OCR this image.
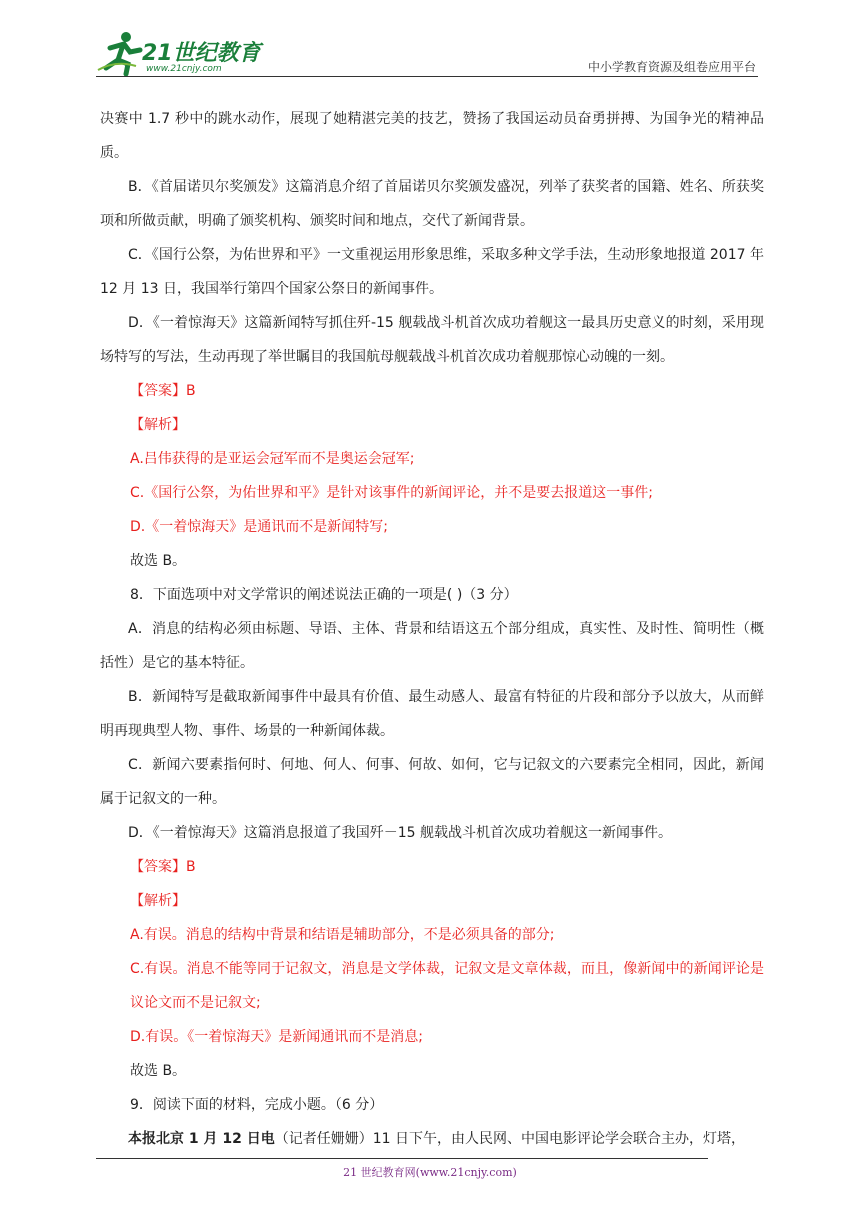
21世纪教育
www.21cnjy.com	中小学教育资源及组卷应用平台

决赛中 1.7 秒中的跳水动作，展现了她精湛完美的技艺，赞扬了我国运动员奋勇拼搏、为国争光的精神品质。

B．《首届诺贝尔奖颁发》这篇消息介绍了首届诺贝尔奖颁发盛况，列举了获奖者的国籍、姓名、所获奖项和所做贡献，明确了颁奖机构、颁奖时间和地点，交代了新闻背景。

C．《国行公祭，为佑世界和平》一文重视运用形象思维，采取多种文学手法，生动形象地报道 2017 年 12 月 13 日，我国举行第四个国家公祭日的新闻事件。

D．《一着惊海天》这篇新闻特写抓住歼-15 舰载战斗机首次成功着舰这一最具历史意义的时刻，采用现场特写的写法，生动再现了举世瞩目的我国航母舰载战斗机首次成功着舰那惊心动魄的一刻。

【答案】B

【解析】

A.吕伟获得的是亚运会冠军而不是奥运会冠军;

C.《国行公祭，为佑世界和平》是针对该事件的新闻评论，并不是要去报道这一事件;

D.《一着惊海天》是通讯而不是新闻特写;

故选 B。

8．下面选项中对文学常识的阐述说法正确的一项是( )（3 分）

A．消息的结构必须由标题、导语、主体、背景和结语这五个部分组成，真实性、及时性、简明性（概括性）是它的基本特征。

B．新闻特写是截取新闻事件中最具有价值、最生动感人、最富有特征的片段和部分予以放大，从而鲜明再现典型人物、事件、场景的一种新闻体裁。

C．新闻六要素指何时、何地、何人、何事、何故、如何，它与记叙文的六要素完全相同，因此，新闻属于记叙文的一种。

D．《一着惊海天》这篇消息报道了我国歼－15 舰载战斗机首次成功着舰这一新闻事件。

【答案】B

【解析】

A.有误。消息的结构中背景和结语是辅助部分，不是必须具备的部分;

C.有误。消息不能等同于记叙文，消息是文学体裁，记叙文是文章体裁，而且，像新闻中的新闻评论是议论文而不是记叙文;

D.有误。《一着惊海天》是新闻通讯而不是消息;

故选 B。

9．阅读下面的材料，完成小题。（6 分）

本报北京 1 月 12 日电（记者任姗姗）11 日下午，由人民网、中国电影评论学会联合主办，灯塔，

21 世纪教育网(www.21cnjy.com)
